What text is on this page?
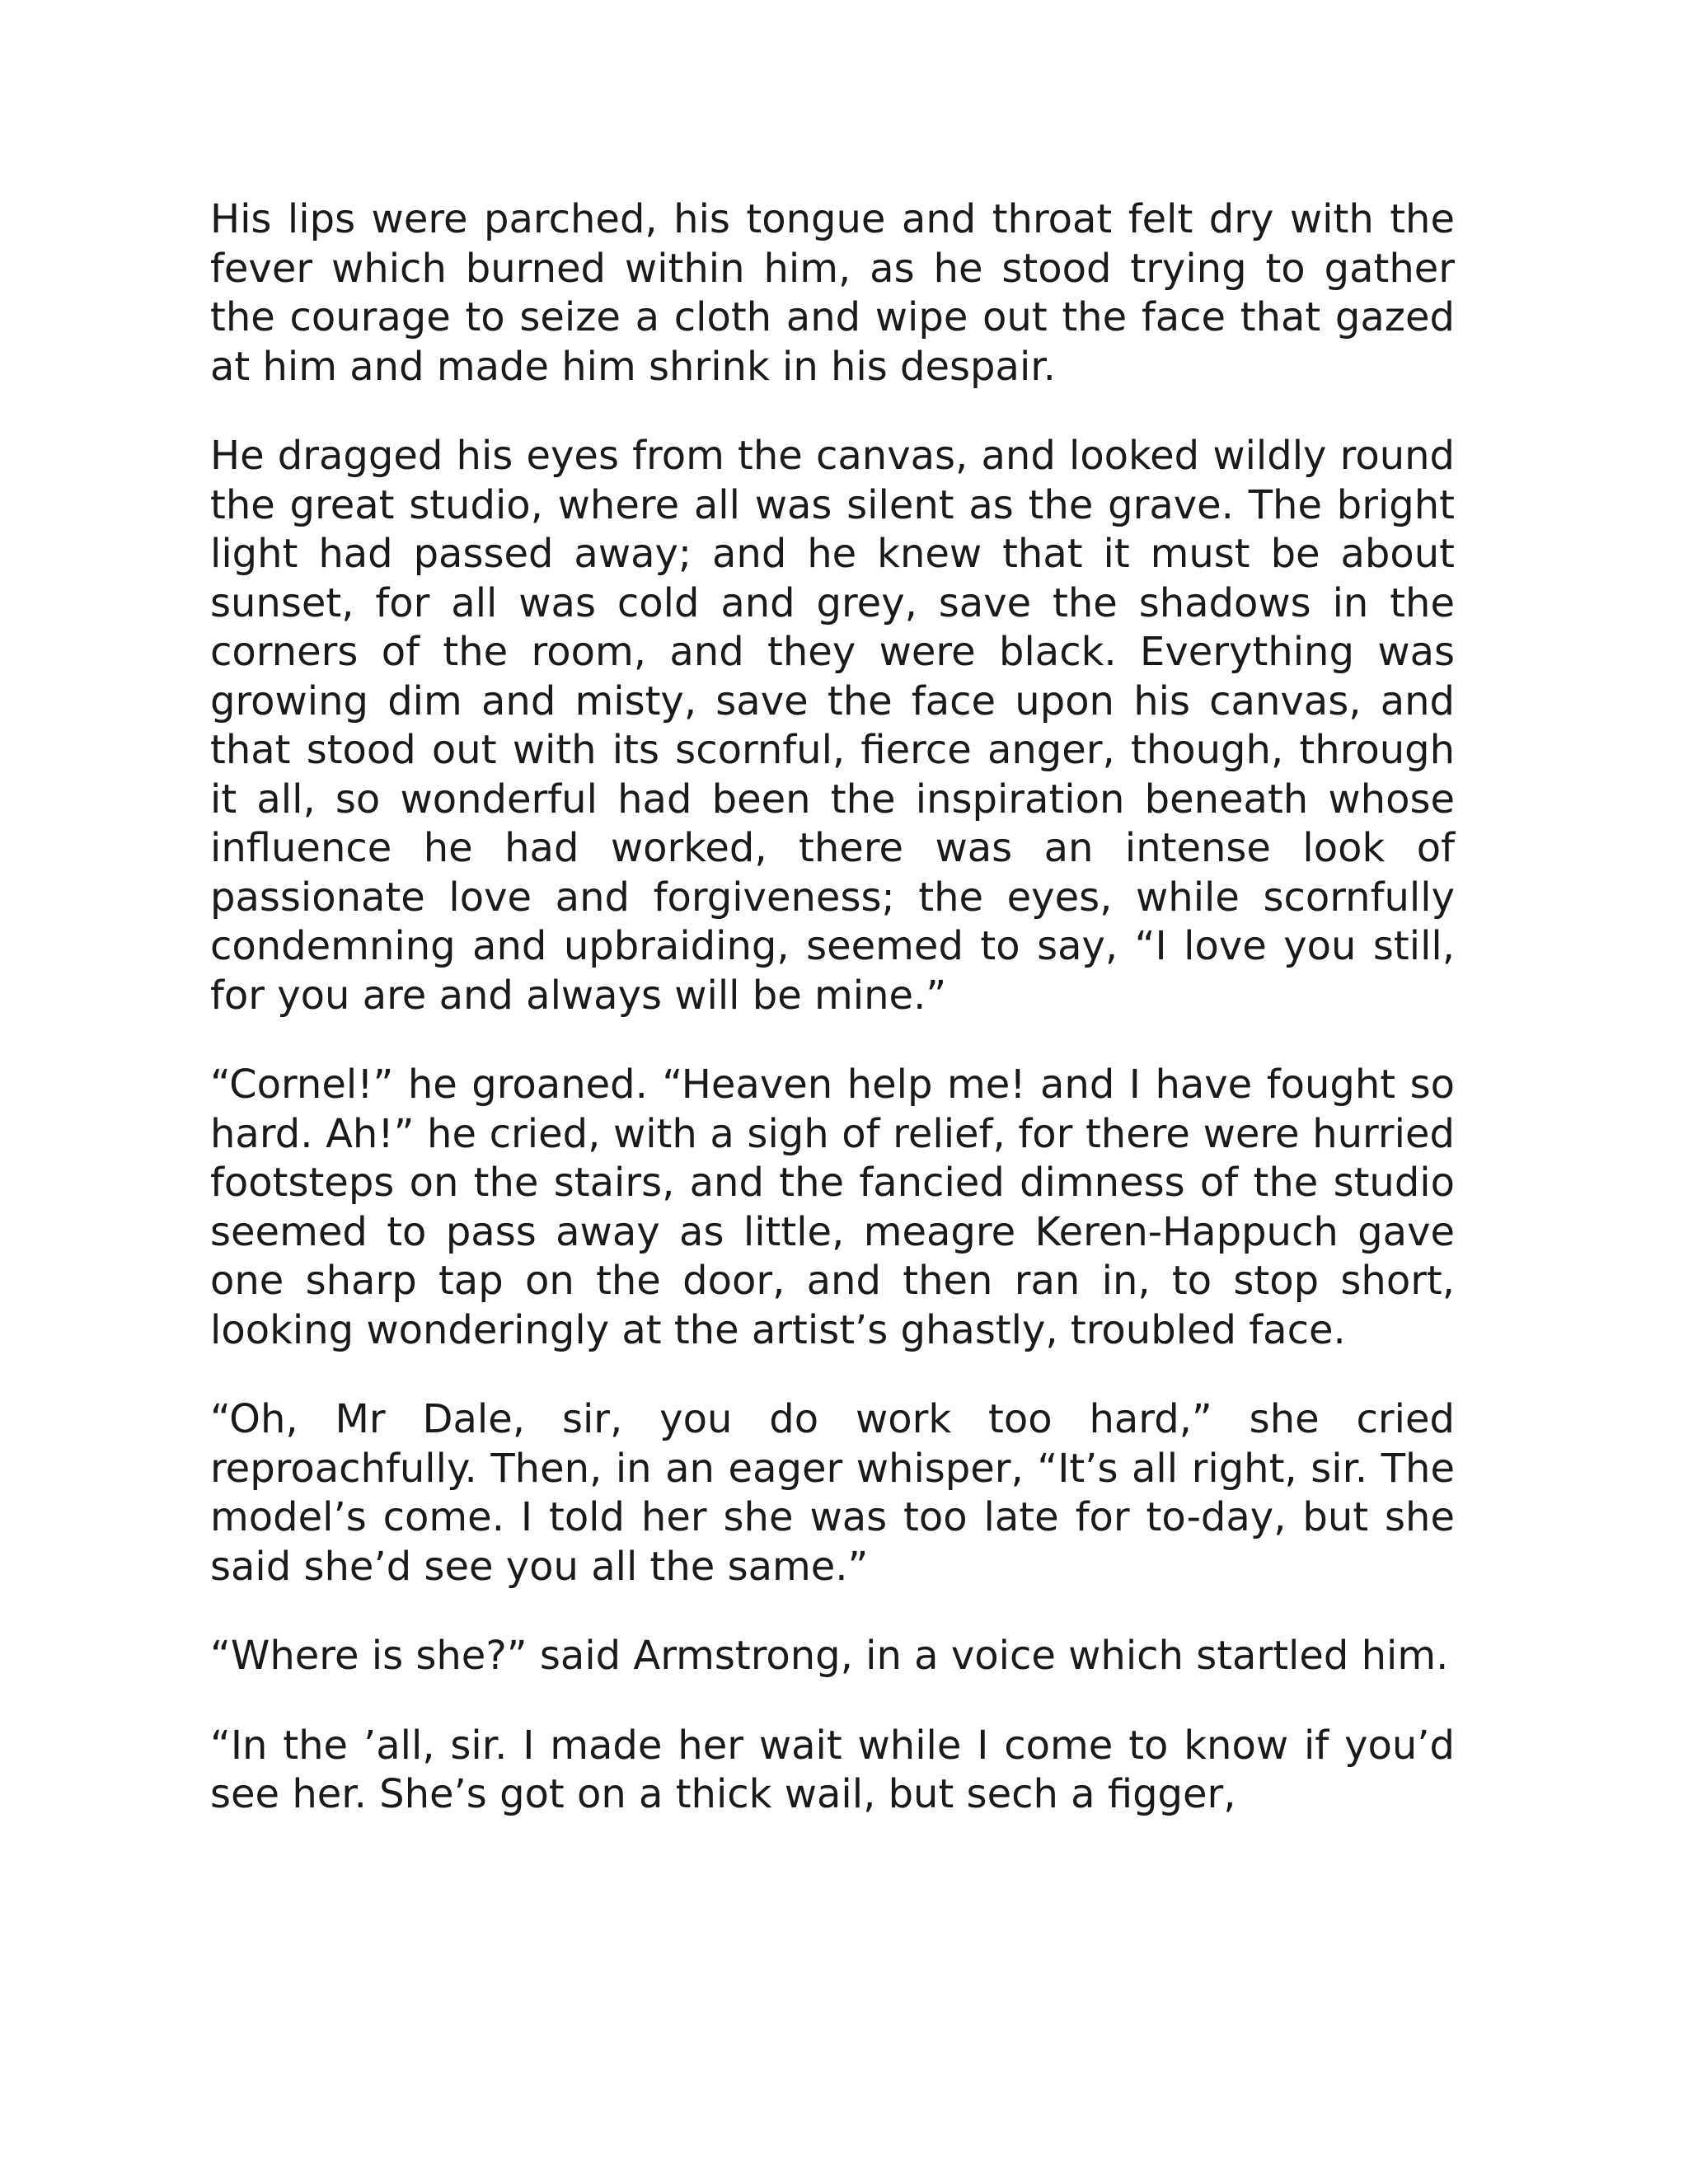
His lips were parched, his tongue and throat felt dry with the fever which burned within him, as he stood trying to gather the courage to seize a cloth and wipe out the face that gazed at him and made him shrink in his despair.

He dragged his eyes from the canvas, and looked wildly round the great studio, where all was silent as the grave. The bright light had passed away; and he knew that it must be about sunset, for all was cold and grey, save the shadows in the corners of the room, and they were black. Everything was growing dim and misty, save the face upon his canvas, and that stood out with its scornful, fierce anger, though, through it all, so wonderful had been the inspiration beneath whose influence he had worked, there was an intense look of passionate love and forgiveness; the eyes, while scornfully condemning and upbraiding, seemed to say, “I love you still, for you are and always will be mine.”

“Cornel!” he groaned. “Heaven help me! and I have fought so hard. Ah!” he cried, with a sigh of relief, for there were hurried footsteps on the stairs, and the fancied dimness of the studio seemed to pass away as little, meagre Keren-Happuch gave one sharp tap on the door, and then ran in, to stop short, looking wonderingly at the artist’s ghastly, troubled face.

“Oh, Mr Dale, sir, you do work too hard,” she cried reproachfully. Then, in an eager whisper, “It’s all right, sir. The model’s come. I told her she was too late for to-day, but she said she’d see you all the same.”

“Where is she?” said Armstrong, in a voice which startled him.

“In the ’all, sir. I made her wait while I come to know if you’d see her. She’s got on a thick wail, but sech a figger,
